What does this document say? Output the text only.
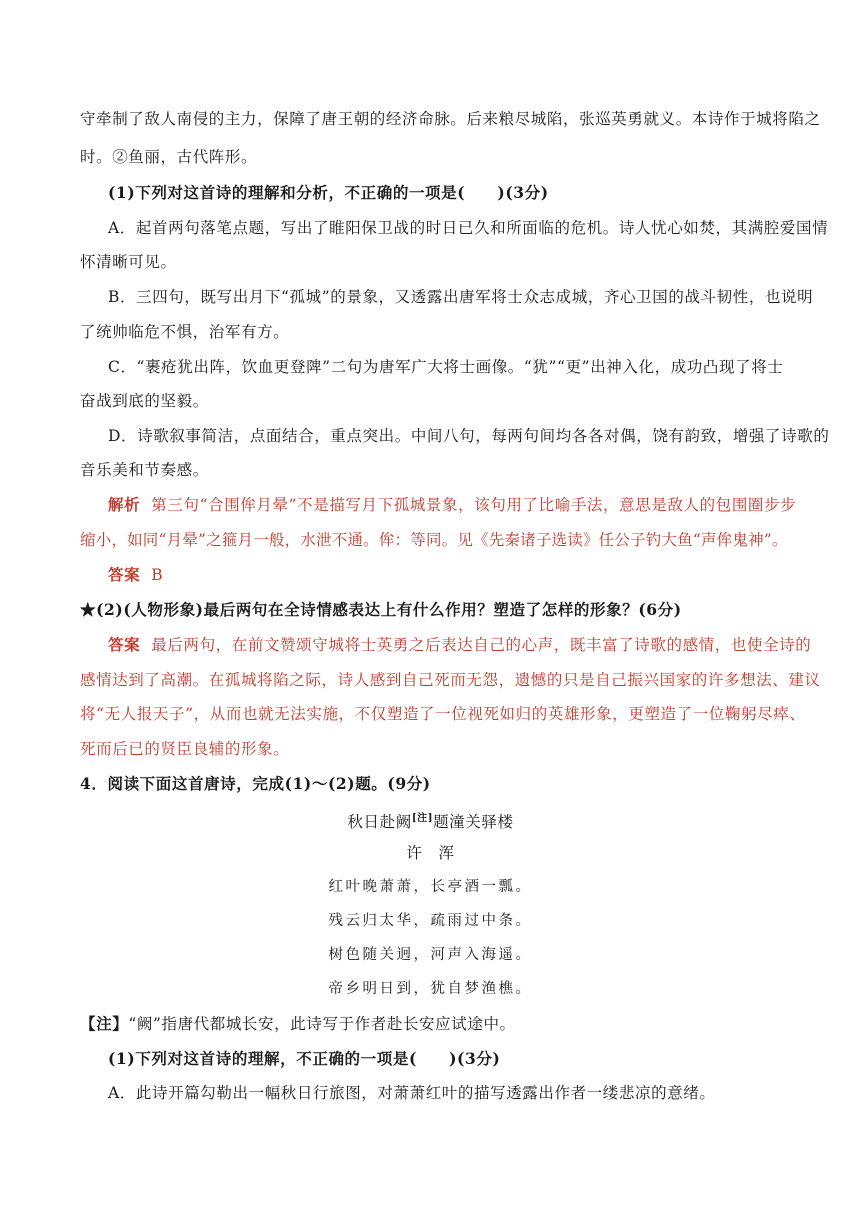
守牵制了敌人南侵的主力，保障了唐王朝的经济命脉。后来粮尽城陷，张巡英勇就义。本诗作于城将陷之
时。②鱼丽，古代阵形。
(1)下列对这首诗的理解和分析，不正确的一项是(　　)(3分)
A．起首两句落笔点题，写出了睢阳保卫战的时日已久和所面临的危机。诗人忧心如焚，其满腔爱国情
怀清晰可见。
B．三四句，既写出月下“孤城”的景象，又透露出唐军将士众志成城，齐心卫国的战斗韧性，也说明
了统帅临危不惧，治军有方。
C．“裹疮犹出阵，饮血更登陴”二句为唐军广大将士画像。“犹”“更”出神入化，成功凸现了将士
奋战到底的坚毅。
D．诗歌叙事简洁，点面结合，重点突出。中间八句，每两句间均各各对偶，饶有韵致，增强了诗歌的
音乐美和节奏感。
解析 第三句“合围侔月晕”不是描写月下孤城景象，该句用了比喻手法，意思是敌人的包围圈步步
缩小，如同“月晕”之箍月一般，水泄不通。侔：等同。见《先秦诸子选读》任公子钓大鱼“声侔鬼神”。
答案 B
★(2)(人物形象)最后两句在全诗情感表达上有什么作用？塑造了怎样的形象？(6分)
答案 最后两句，在前文赞颂守城将士英勇之后表达自己的心声，既丰富了诗歌的感情，也使全诗的
感情达到了高潮。在孤城将陷之际，诗人感到自己死而无怨，遗憾的只是自己振兴国家的许多想法、建议
将“无人报天子”，从而也就无法实施，不仅塑造了一位视死如归的英雄形象，更塑造了一位鞠躬尽瘁、
死而后已的贤臣良辅的形象。
4．阅读下面这首唐诗，完成(1)～(2)题。(9分)
秋日赴阙[注]题潼关驿楼
许　浑
红叶晚萧萧，长亭酒一瓢。
残云归太华，疏雨过中条。
树色随关迥，河声入海遥。
帝乡明日到，犹自梦渔樵。
【注】“阙”指唐代都城长安，此诗写于作者赴长安应试途中。
(1)下列对这首诗的理解，不正确的一项是(　　)(3分)
A．此诗开篇勾勒出一幅秋日行旅图，对萧萧红叶的描写透露出作者一缕悲凉的意绪。
